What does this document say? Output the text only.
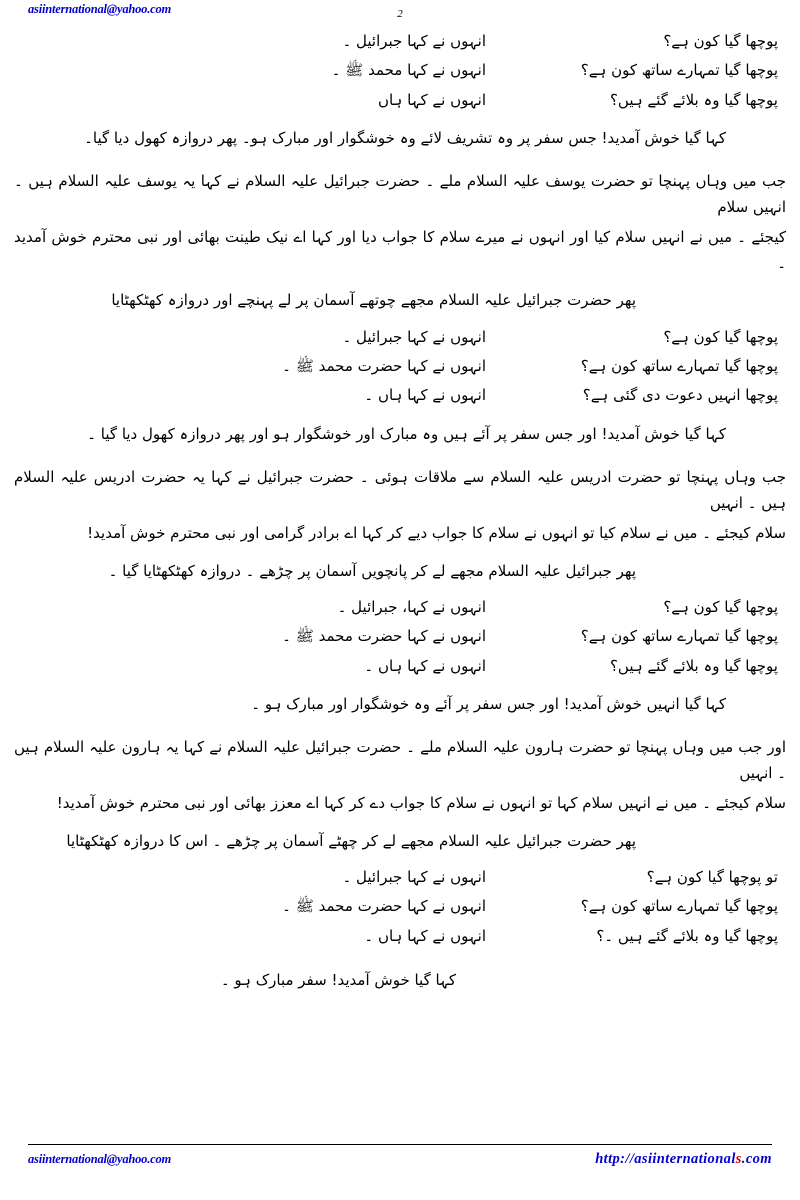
asiinternational@yahoo.com	2
پوچھا گیا کون ہے؟
انہوں نے کہا جبرائیل ۔
پوچھا گیا تمہارے ساتھ کون ہے؟
انہوں نے کہا محمد ﷺ ۔
پوچھا گیا وہ بلائے گئے ہیں؟
انہوں نے کہا ہاں
کہا گیا خوش آمدید! جس سفر پر وہ تشریف لائے وہ خوشگوار اور مبارک ہو۔ پھر دروازہ کھول دیا گیا۔
جب میں وہاں پہنچا تو حضرت یوسف علیہ السلام ملے ۔ حضرت جبرائیل علیہ السلام نے کہا یہ یوسف علیہ السلام ہیں ۔ انہیں سلام
کیجئے ۔ میں نے انہیں سلام کیا اور انہوں نے میرے سلام کا جواب دیا اور کہا اے نیک طینت بھائی اور نبی محترم خوش آمدید ۔
پھر حضرت جبرائیل علیہ السلام مجھے چوتھے آسمان پر لے پہنچے اور دروازہ کھٹکھٹایا
پوچھا گیا کون ہے؟
انہوں نے کہا جبرائیل ۔
پوچھا گیا تمہارے ساتھ کون ہے؟
انہوں نے کہا حضرت محمد ﷺ ۔
پوچھا انہیں دعوت دی گئی ہے؟
انہوں نے کہا ہاں ۔
کہا گیا خوش آمدید! اور جس سفر پر آئے ہیں وہ مبارک اور خوشگوار ہو اور پھر دروازہ کھول دیا گیا ۔
جب وہاں پہنچا تو حضرت ادریس علیہ السلام سے ملاقات ہوئی ۔ حضرت جبرائیل نے کہا یہ حضرت ادریس علیہ السلام ہیں ۔ انہیں
سلام کیجئے ۔ میں نے سلام کیا تو انہوں نے سلام کا جواب دیے کر کہا اے برادر گرامی اور نبی محترم خوش آمدید!
پھر جبرائیل علیہ السلام مجھے لے کر پانچویں آسمان پر چڑھے ۔ دروازہ کھٹکھٹایا گیا ۔
پوچھا گیا کون ہے؟
انہوں نے کہا، جبرائیل ۔
پوچھا گیا تمہارے ساتھ کون ہے؟
انہوں نے کہا حضرت محمد ﷺ ۔
پوچھا گیا وہ بلائے گئے ہیں؟
انہوں نے کہا ہاں ۔
کہا گیا انہیں خوش آمدید! اور جس سفر پر آئے وہ خوشگوار اور مبارک ہو ۔
اور جب میں وہاں پہنچا تو حضرت ہارون علیہ السلام ملے ۔ حضرت جبرائیل علیہ السلام نے کہا یہ ہارون علیہ السلام ہیں ۔ انہیں
سلام کیجئے ۔ میں نے انہیں سلام کہا تو انہوں نے سلام کا جواب دے کر کہا اے معزز بھائی اور نبی محترم خوش آمدید!
پھر حضرت جبرائیل علیہ السلام مجھے لے کر چھٹے آسمان پر چڑھے ۔ اس کا دروازہ کھٹکھٹایا
تو پوچھا گیا کون ہے؟
انہوں نے کہا جبرائیل ۔
پوچھا گیا تمہارے ساتھ کون ہے؟
انہوں نے کہا حضرت محمد ﷺ ۔
پوچھا گیا وہ بلائے گئے ہیں ۔؟
انہوں نے کہا ہاں ۔
کہا گیا خوش آمدید! سفر مبارک ہو ۔
asiinternational@yahoo.com	http://asiinternationals.com
